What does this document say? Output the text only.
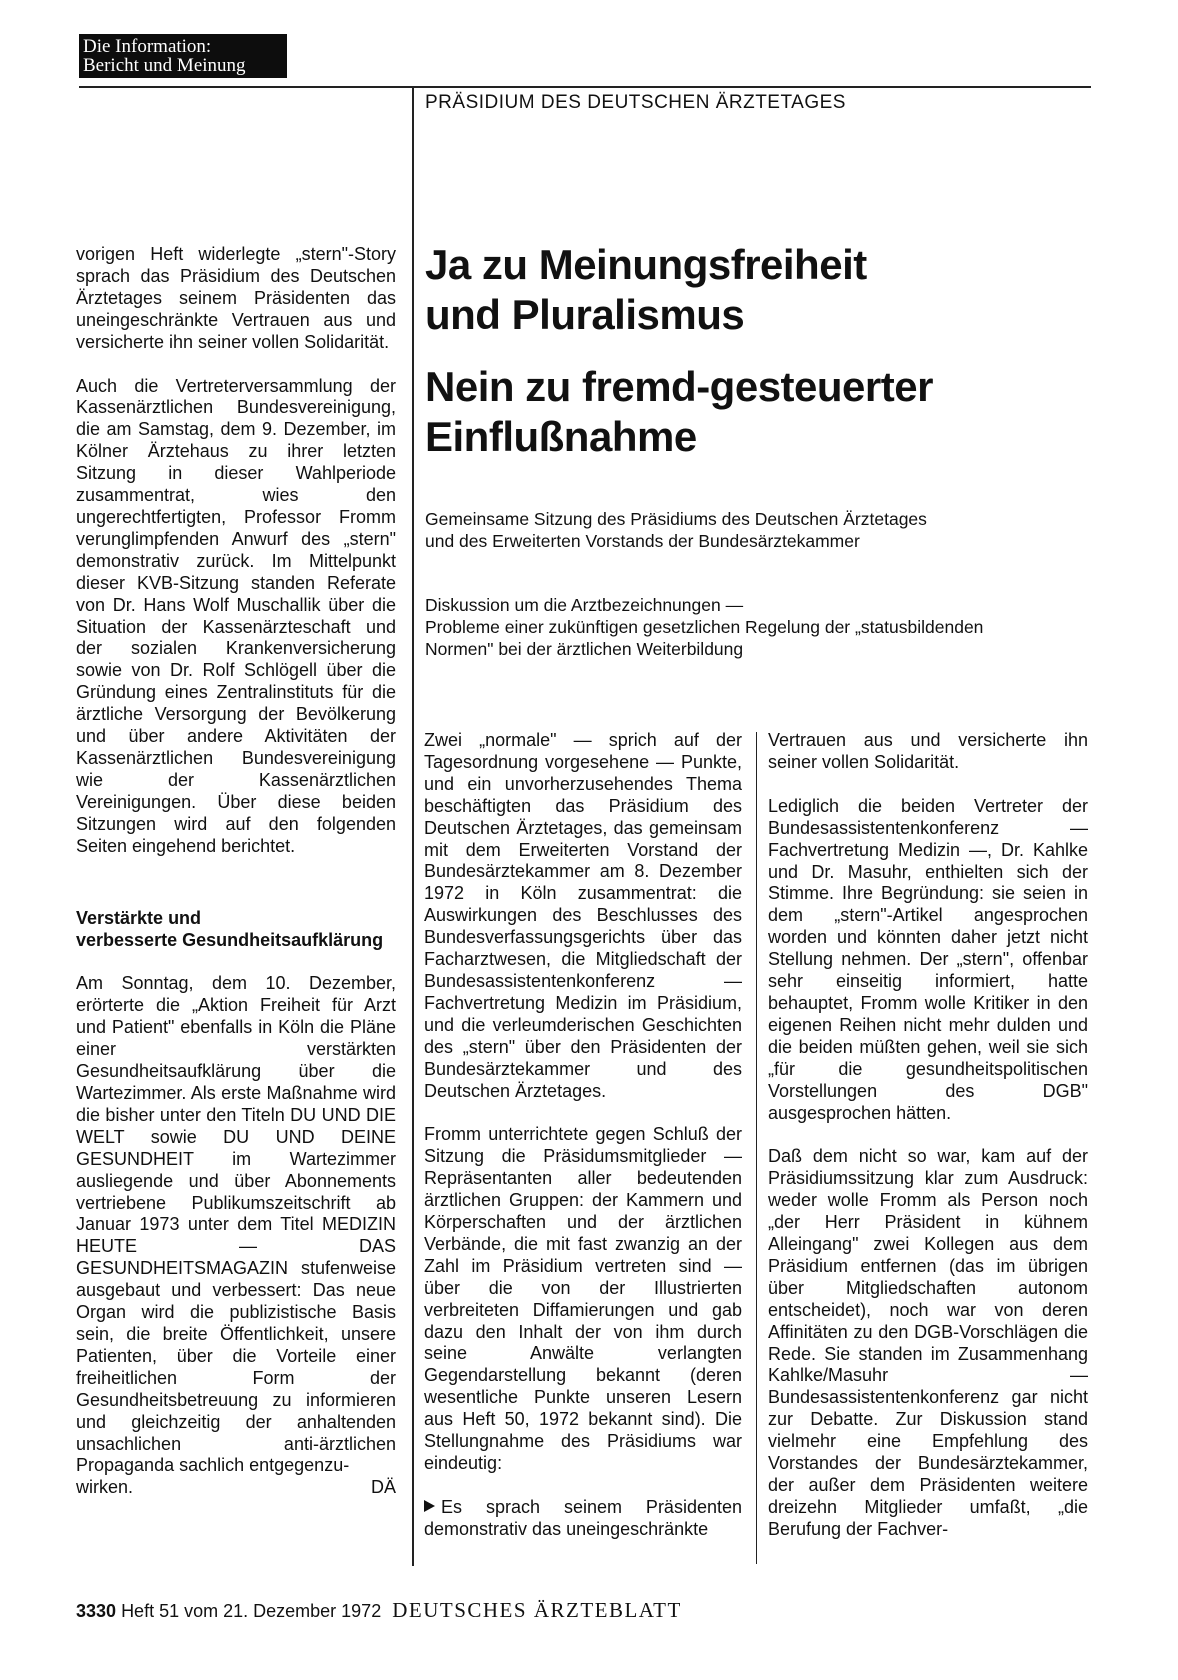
Die Information:
Bericht und Meinung
PRÄSIDIUM DES DEUTSCHEN ÄRZTETAGES
Ja zu Meinungsfreiheit
und Pluralismus
Nein zu fremd-gesteuerter
Einflußnahme
Gemeinsame Sitzung des Präsidiums des Deutschen Ärztetages
und des Erweiterten Vorstands der Bundesärztekammer
Diskussion um die Arztbezeichnungen —
Probleme einer zukünftigen gesetzlichen Regelung der „statusbildenden
Normen" bei der ärztlichen Weiterbildung

vorigen Heft widerlegte „stern"-Story sprach das Präsidium des Deutschen Ärztetages seinem Präsidenten das uneingeschränkte Vertrauen aus und versicherte ihn seiner vollen Solidarität.

Auch die Vertreterversammlung der Kassenärztlichen Bundesvereinigung, die am Samstag, dem 9. Dezember, im Kölner Ärztehaus zu ihrer letzten Sitzung in dieser Wahlperiode zusammentrat, wies den ungerechtfertigten, Professor Fromm verunglimpfenden Anwurf des „stern" demonstrativ zurück. Im Mittelpunkt dieser KVB-Sitzung standen Referate von Dr. Hans Wolf Muschallik über die Situation der Kassenärzteschaft und der sozialen Krankenversicherung sowie von Dr. Rolf Schlögell über die Gründung eines Zentralinstituts für die ärztliche Versorgung der Bevölkerung und über andere Aktivitäten der Kassenärztlichen Bundesvereinigung wie der Kassenärztlichen Vereinigungen. Über diese beiden Sitzungen wird auf den folgenden Seiten eingehend berichtet.

Verstärkte und
verbesserte Gesundheitsaufklärung

Am Sonntag, dem 10. Dezember, erörterte die „Aktion Freiheit für Arzt und Patient" ebenfalls in Köln die Pläne einer verstärkten Gesundheitsaufklärung über die Wartezimmer. Als erste Maßnahme wird die bisher unter den Titeln DU UND DIE WELT sowie DU UND DEINE GESUNDHEIT im Wartezimmer ausliegende und über Abonnements vertriebene Publikumszeitschrift ab Januar 1973 unter dem Titel MEDIZIN HEUTE — DAS GESUNDHEITSMAGAZIN stufenweise ausgebaut und verbessert: Das neue Organ wird die publizistische Basis sein, die breite Öffentlichkeit, unsere Patienten, über die Vorteile einer freiheitlichen Form der Gesundheitsbetreuung zu informieren und gleichzeitig der anhaltenden unsachlichen anti-ärztlichen Propaganda sachlich entgegenzu-

wirken.	DÄ

Zwei „normale" — sprich auf der Tagesordnung vorgesehene — Punkte, und ein unvorherzusehendes Thema beschäftigten das Präsidium des Deutschen Ärztetages, das gemeinsam mit dem Erweiterten Vorstand der Bundesärztekammer am 8. Dezember 1972 in Köln zusammentrat: die Auswirkungen des Beschlusses des Bundesverfassungsgerichts über das Facharztwesen, die Mitgliedschaft der Bundesassistentenkonferenz — Fachvertretung Medizin im Präsidium, und die verleumderischen Geschichten des „stern" über den Präsidenten der Bundesärztekammer und des Deutschen Ärztetages.

Fromm unterrichtete gegen Schluß der Sitzung die Präsidumsmitglieder — Repräsentanten aller bedeutenden ärztlichen Gruppen: der Kammern und Körperschaften und der ärztlichen Verbände, die mit fast zwanzig an der Zahl im Präsidium vertreten sind — über die von der Illustrierten verbreiteten Diffamierungen und gab dazu den Inhalt der von ihm durch seine Anwälte verlangten Gegendarstellung bekannt (deren wesentliche Punkte unseren Lesern aus Heft 50, 1972 bekannt sind). Die Stellungnahme des Präsidiums war eindeutig:

Es sprach seinem Präsidenten demonstrativ das uneingeschränkte

Vertrauen aus und versicherte ihn seiner vollen Solidarität.

Lediglich die beiden Vertreter der Bundesassistentenkonferenz — Fachvertretung Medizin —, Dr. Kahlke und Dr. Masuhr, enthielten sich der Stimme. Ihre Begründung: sie seien in dem „stern"-Artikel angesprochen worden und könnten daher jetzt nicht Stellung nehmen. Der „stern", offenbar sehr einseitig informiert, hatte behauptet, Fromm wolle Kritiker in den eigenen Reihen nicht mehr dulden und die beiden müßten gehen, weil sie sich „für die gesundheitspolitischen Vorstellungen des DGB" ausgesprochen hätten.

Daß dem nicht so war, kam auf der Präsidiumssitzung klar zum Ausdruck: weder wolle Fromm als Person noch „der Herr Präsident in kühnem Alleingang" zwei Kollegen aus dem Präsidium entfernen (das im übrigen über Mitgliedschaften autonom entscheidet), noch war von deren Affinitäten zu den DGB-Vorschlägen die Rede. Sie standen im Zusammenhang Kahlke/Masuhr — Bundesassistentenkonferenz gar nicht zur Debatte. Zur Diskussion stand vielmehr eine Empfehlung des Vorstandes der Bundesärztekammer, der außer dem Präsidenten weitere dreizehn Mitglieder umfaßt, „die Berufung der Fachver-

3330 Heft 51 vom 21. Dezember 1972 DEUTSCHES ÄRZTEBLATT
